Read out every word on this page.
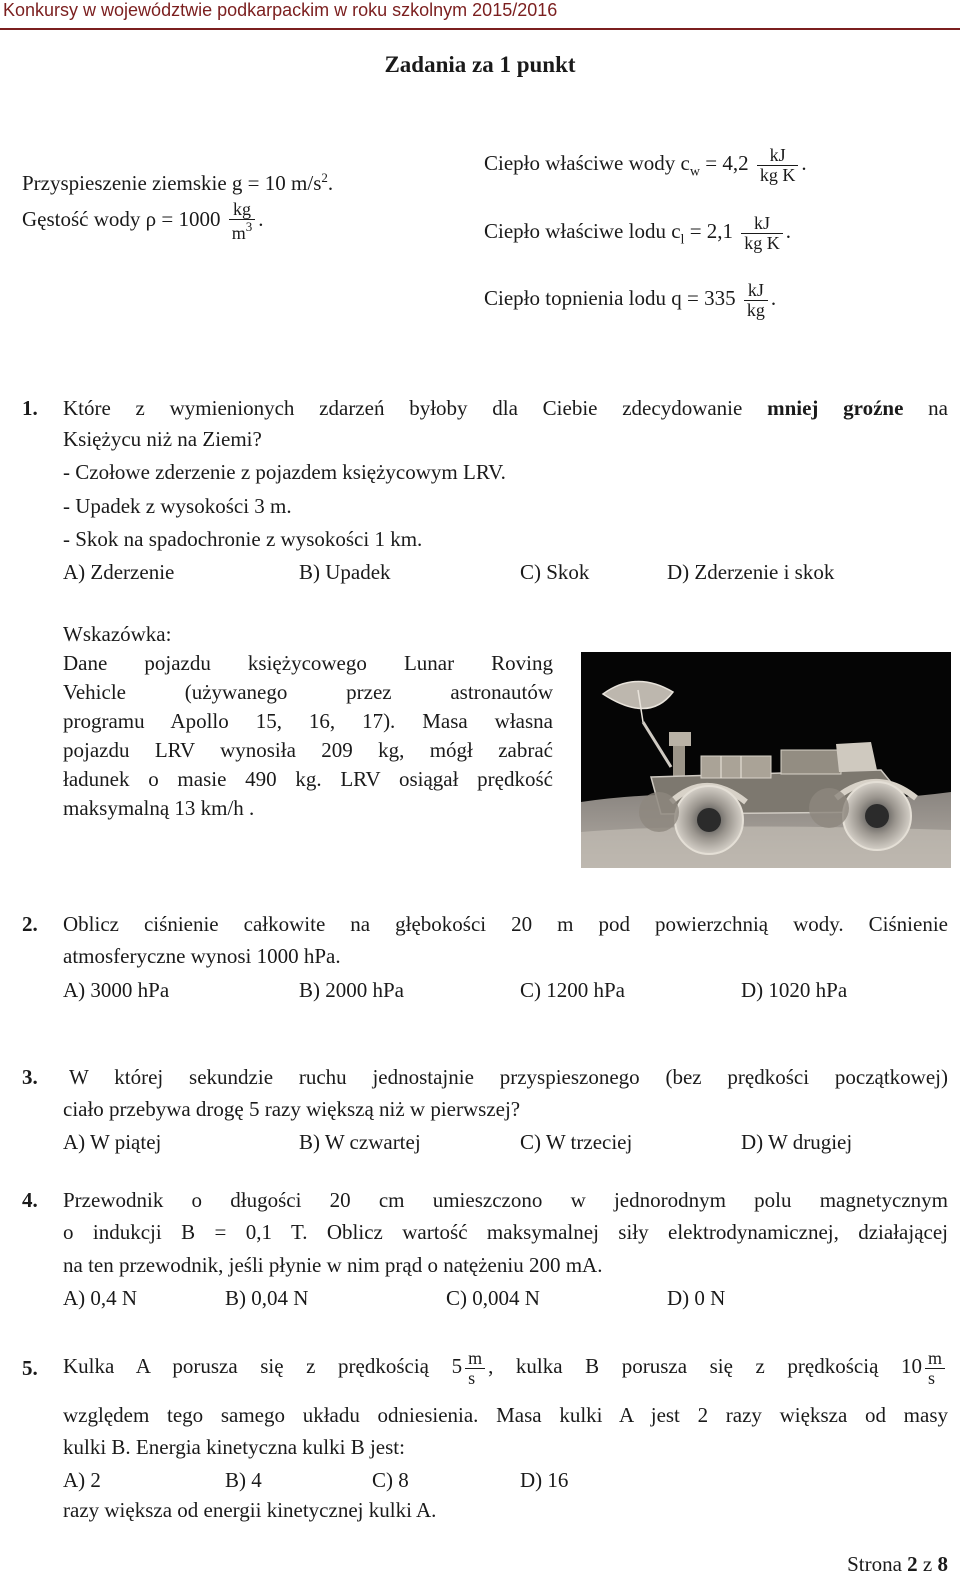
Konkursy w województwie podkarpackim w roku szkolnym 2015/2016
Zadania za 1 punkt
Przyspieszenie ziemskie g = 10 $m/s^2$.
Gęstość wody $\rho = 1000 \frac{kg}{m^3}$ .
Ciepło właściwe wody $c_w = 4,2 \frac{kJ}{\text{kg K}}$ .
Ciepło właściwe lodu $c_l = 2,1 \frac{kJ}{\text{kg K}}$ .
Ciepło topnienia lodu $q = 335 \frac{kJ}{kg}$ .
1. Które z wymienionych zdarzeń byłoby dla Ciebie zdecydowanie mniej groźne na
Księżycu niż na Ziemi?
- Czołowe zderzenie z pojazdem księżycowym LRV.
- Upadek z wysokości 3 m.
- Skok na spadochronie z wysokości 1 km.
A) Zderzenie	B) Upadek	C) Skok	D) Zderzenie i skok
Wskazówka:
Dane pojazdu księżycowego Lunar Roving
Vehicle (używanego przez astronautów
programu Apollo 15, 16, 17). Masa własna
pojazdu LRV wynosiła 209 kg, mógł zabrać
ładunek o masie 490 kg. LRV osiągał prędkość
maksymalną 13 km/h .
2. Oblicz ciśnienie całkowite na głębokości 20 m pod powierzchnią wody. Ciśnienie
atmosferyczne wynosi 1000 hPa.
A) 3000 hPa	B) 2000 hPa	C) 1200 hPa	D) 1020 hPa
3. W której sekundzie ruchu jednostajnie przyspieszonego (bez prędkości początkowej)
ciało przebywa drogę 5 razy większą niż w pierwszej?
A) W piątej	B) W czwartej	C) W trzeciej	D) W drugiej
4. Przewodnik o długości 20 cm umieszczono w jednorodnym polu magnetycznym
o indukcji B = 0,1 T. Oblicz wartość maksymalnej siły elektrodynamicznej, działającej
na ten przewodnik, jeśli płynie w nim prąd o natężeniu 200 mA.
A) 0,4 N	B) 0,04 N	C) 0,004 N	D) 0 N
5. Kulka A porusza się z prędkością $5 \frac{m}{s}$ , kulka B porusza się z prędkością $10 \frac{m}{s}$
względem tego samego układu odniesienia. Masa kulki A jest 2 razy większa od masy
kulki B. Energia kinetyczna kulki B jest:
A) 2	B) 4	C) 8	D) 16
razy większa od energii kinetycznej kulki A.
Strona 2 z 8
